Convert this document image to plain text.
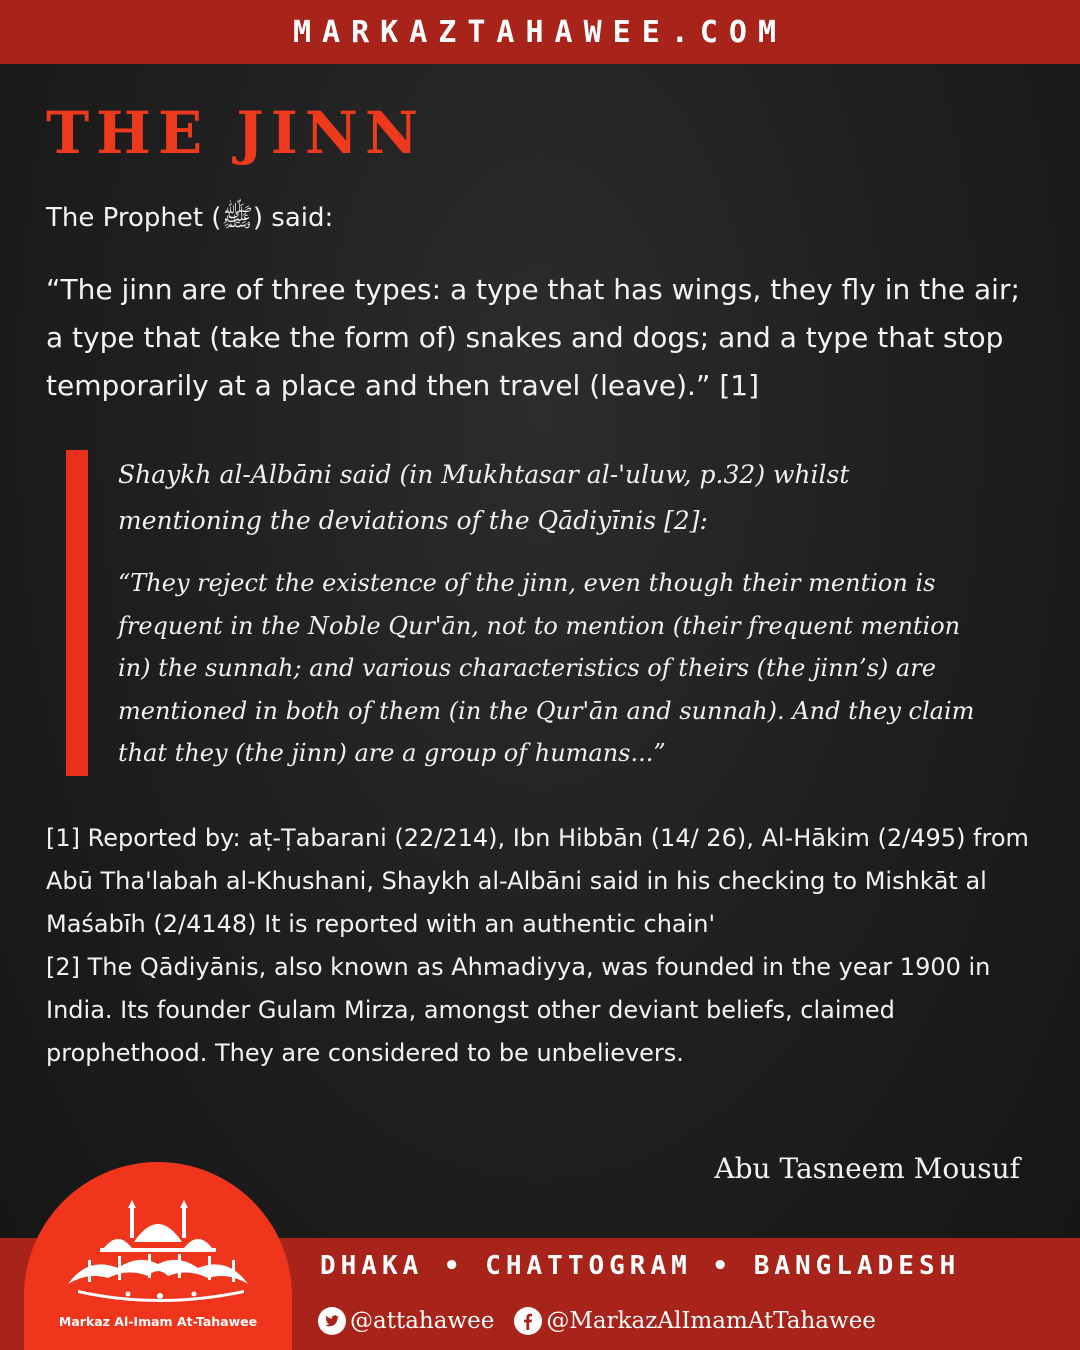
MARKAZTAHAWEE.COM
THE JINN

The Prophet (ﷺ) said:

“The jinn are of three types: a type that has wings, they fly in the air; a type that (take the form of) snakes and dogs; and a type that stop temporarily at a place and then travel (leave).” [1]

Shaykh al-Albāni said (in Mukhtasar al-'uluw, p.32) whilst mentioning the deviations of the Qādiyīnis [2]:

“They reject the existence of the jinn, even though their mention is frequent in the Noble Qur'ān, not to mention (their frequent mention in) the sunnah; and various characteristics of theirs (the jinn’s) are mentioned in both of them (in the Qur'ān and sunnah). And they claim that they (the jinn) are a group of humans...”

[1] Reported by: aṭ-Ṭabarani (22/214), Ibn Hibbān (14/ 26), Al-Hākim (2/495) from Abū Tha'labah al-Khushani, Shaykh al-Albāni said in his checking to Mishkāt al Maśabīh (2/4148) It is reported with an authentic chain'

[2] The Qādiyānis, also known as Ahmadiyya, was founded in the year 1900 in India. Its founder Gulam Mirza, amongst other deviant beliefs, claimed prophethood. They are considered to be unbelievers.

Abu Tasneem Mousuf

Markaz Al-Imam At-Tahawee

DHAKA • CHATTOGRAM • BANGLADESH

@attahawee @MarkazAlImamAtTahawee
